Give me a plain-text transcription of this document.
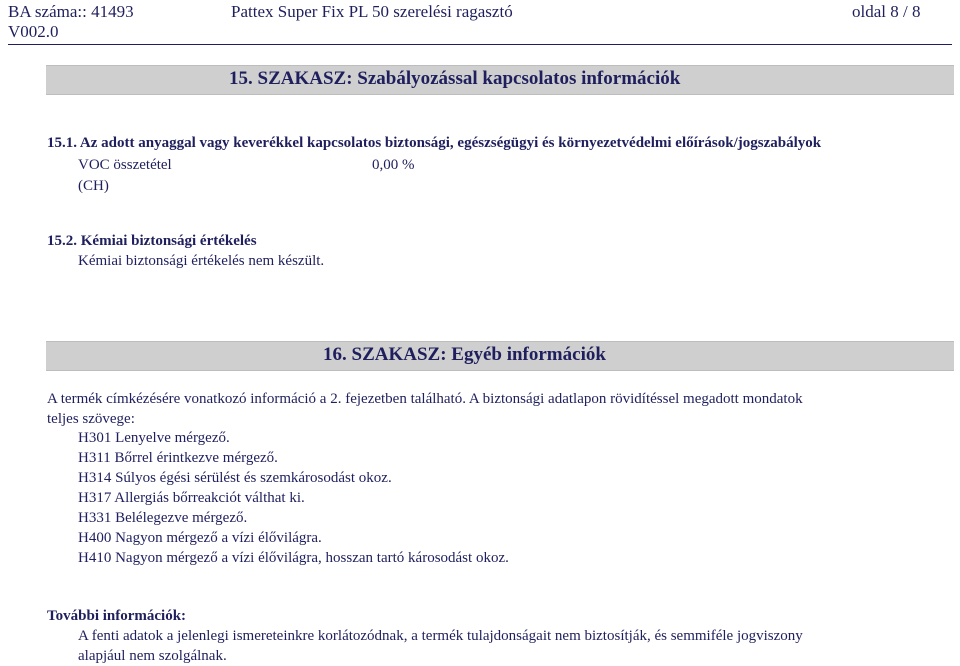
BA száma:: 41493
V002.0
Pattex Super Fix PL 50 szerelési ragasztó	oldal 8 / 8
15. SZAKASZ: Szabályozással kapcsolatos információk
15.1. Az adott anyaggal vagy keverékkel kapcsolatos biztonsági, egészségügyi és környezetvédelmi előírások/jogszabályok
VOC összetétel	0,00 %
(CH)
15.2. Kémiai biztonsági értékelés
Kémiai biztonsági értékelés nem készült.
16. SZAKASZ: Egyéb információk
A termék címkézésére vonatkozó információ a 2. fejezetben található. A biztonsági adatlapon rövidítéssel megadott mondatok
teljes szövege:
H301 Lenyelve mérgező.
H311 Bőrrel érintkezve mérgező.
H314 Súlyos égési sérülést és szemkárosodást okoz.
H317 Allergiás bőrreakciót válthat ki.
H331 Belélegezve mérgező.
H400 Nagyon mérgező a vízi élővilágra.
H410 Nagyon mérgező a vízi élővilágra, hosszan tartó károsodást okoz.
További információk:
A fenti adatok a jelenlegi ismereteinkre korlátozódnak, a termék tulajdonságait nem biztosítják, és semmiféle jogviszony
alapjául nem szolgálnak.
